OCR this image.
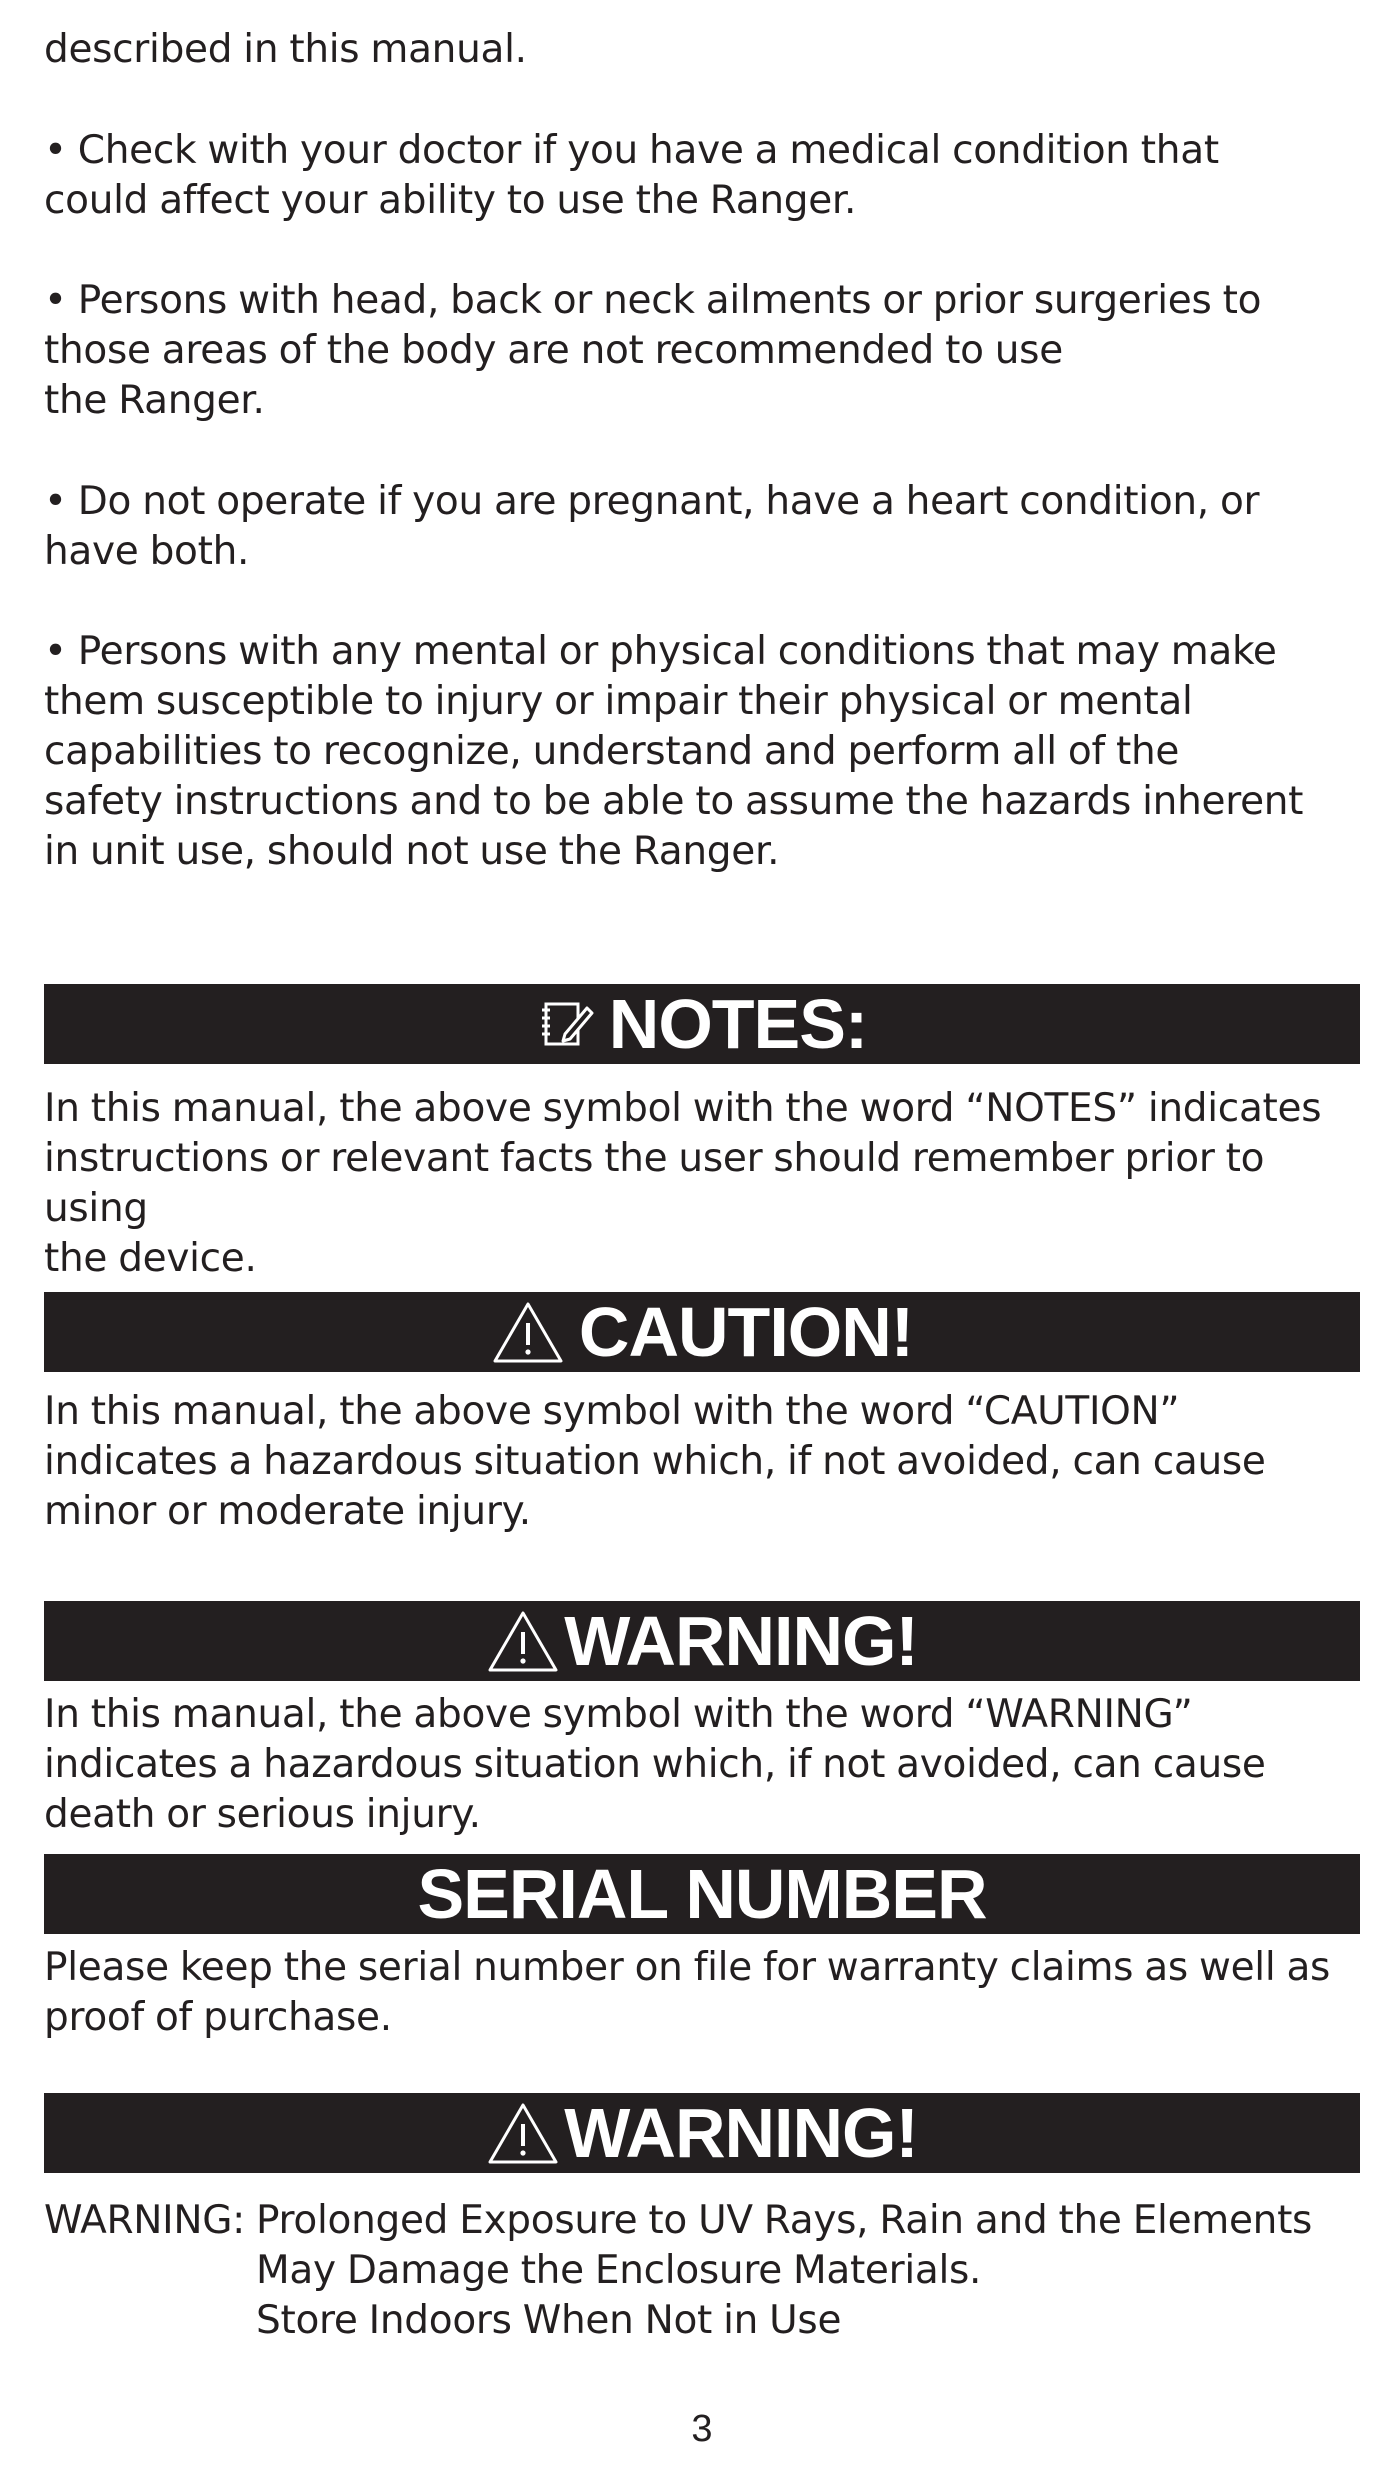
described in this manual.
• Check with your doctor if you have a medical condition that
could affect your ability to use the Ranger.
• Persons with head, back or neck ailments or prior surgeries to
those areas of the body are not recommended to use
the Ranger.
• Do not operate if you are pregnant, have a heart condition, or
have both.
• Persons with any mental or physical conditions that may make
them susceptible to injury or impair their physical or mental
capabilities to recognize, understand and perform all of the
safety instructions and to be able to assume the hazards inherent
in unit use, should not use the Ranger.
NOTES:
In this manual, the above symbol with the word “NOTES” indicates
instructions or relevant facts the user should remember prior to using
the device.
CAUTION!
In this manual, the above symbol with the word “CAUTION”
indicates a hazardous situation which, if not avoided, can cause
minor or moderate injury.
WARNING!
In this manual, the above symbol with the word “WARNING”
indicates a hazardous situation which, if not avoided, can cause
death or serious injury.
SERIAL NUMBER
Please keep the serial number on file for warranty claims as well as
proof of purchase.
WARNING!
WARNING: Prolonged Exposure to UV Rays, Rain and the Elements
May Damage the Enclosure Materials.
Store Indoors When Not in Use
3
